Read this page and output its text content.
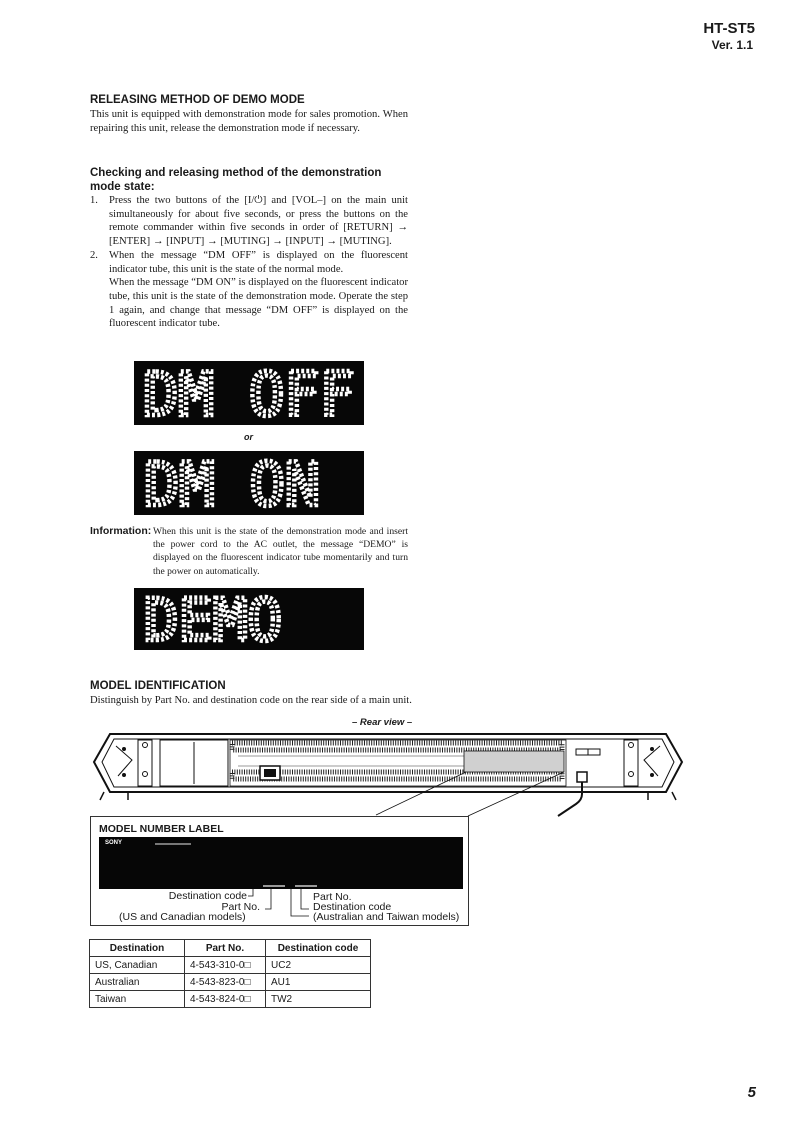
HT-ST5
Ver. 1.1
RELEASING METHOD OF DEMO MODE
This unit is equipped with demonstration mode for sales promotion. When repairing this unit, release the demonstration mode if necessary.
Checking and releasing method of the demonstration mode state:
1. Press the two buttons of the [I/⏻] and [VOL–] on the main unit simultaneously for about five seconds, or press the buttons on the remote commander within five seconds in order of [RETURN] → [ENTER] → [INPUT] → [MUTING] → [INPUT] → [MUTING].

2. When the message “DM OFF” is displayed on the fluorescent indicator tube, this unit is the state of the normal mode.

When the message “DM ON” is displayed on the fluorescent indicator tube, this unit is the state of the demonstration mode. Operate the step 1 again, and change that message “DM OFF” is displayed on the fluorescent indicator tube.

DM OFF
or
DM ON
Information: When this unit is the state of the demonstration mode and insert the power cord to the AC outlet, the message “DEMO” is displayed on the fluorescent indicator tube momentarily and turn the power on automatically.
DEMO
MODEL IDENTIFICATION
Distinguish by Part No. and destination code on the rear side of a main unit.
– Rear view –
MODEL NUMBER LABEL
SONY
Destination code
Part No.
(US and Canadian models)
Part No.
Destination code
(Australian and Taiwan models)
Destination	Part No.	Destination code
US, Canadian	4-543-310-0□	UC2
Australian	4-543-823-0□	AU1
Taiwan	4-543-824-0□	TW2
5
